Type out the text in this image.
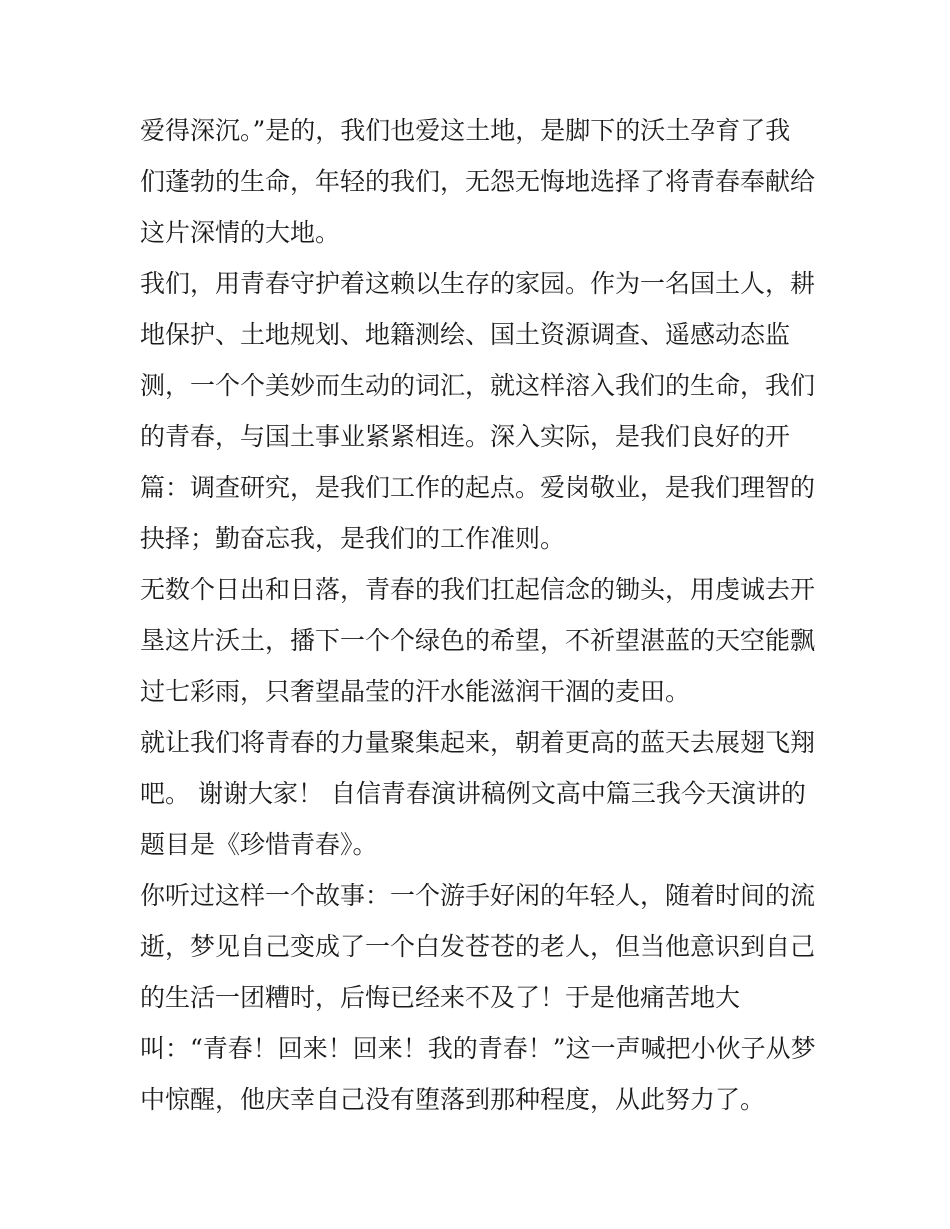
爱得深沉。”是的，我们也爱这土地，是脚下的沃土孕育了我
们蓬勃的生命，年轻的我们，无怨无悔地选择了将青春奉献给
这片深情的大地。
我们，用青春守护着这赖以生存的家园。作为一名国土人，耕
地保护、土地规划、地籍测绘、国土资源调查、遥感动态监
测，一个个美妙而生动的词汇，就这样溶入我们的生命，我们
的青春，与国土事业紧紧相连。深入实际，是我们良好的开
篇：调查研究，是我们工作的起点。爱岗敬业，是我们理智的
抉择；勤奋忘我，是我们的工作准则。
无数个日出和日落，青春的我们扛起信念的锄头，用虔诚去开
垦这片沃土，播下一个个绿色的希望，不祈望湛蓝的天空能飘
过七彩雨，只奢望晶莹的汗水能滋润干涸的麦田。
就让我们将青春的力量聚集起来，朝着更高的蓝天去展翅飞翔
吧。 谢谢大家！ 自信青春演讲稿例文高中篇三我今天演讲的
题目是《珍惜青春》。
你听过这样一个故事：一个游手好闲的年轻人，随着时间的流
逝，梦见自己变成了一个白发苍苍的老人，但当他意识到自己
的生活一团糟时，后悔已经来不及了！于是他痛苦地大
叫：“青春！回来！回来！我的青春！”这一声喊把小伙子从梦
中惊醒，他庆幸自己没有堕落到那种程度，从此努力了。
